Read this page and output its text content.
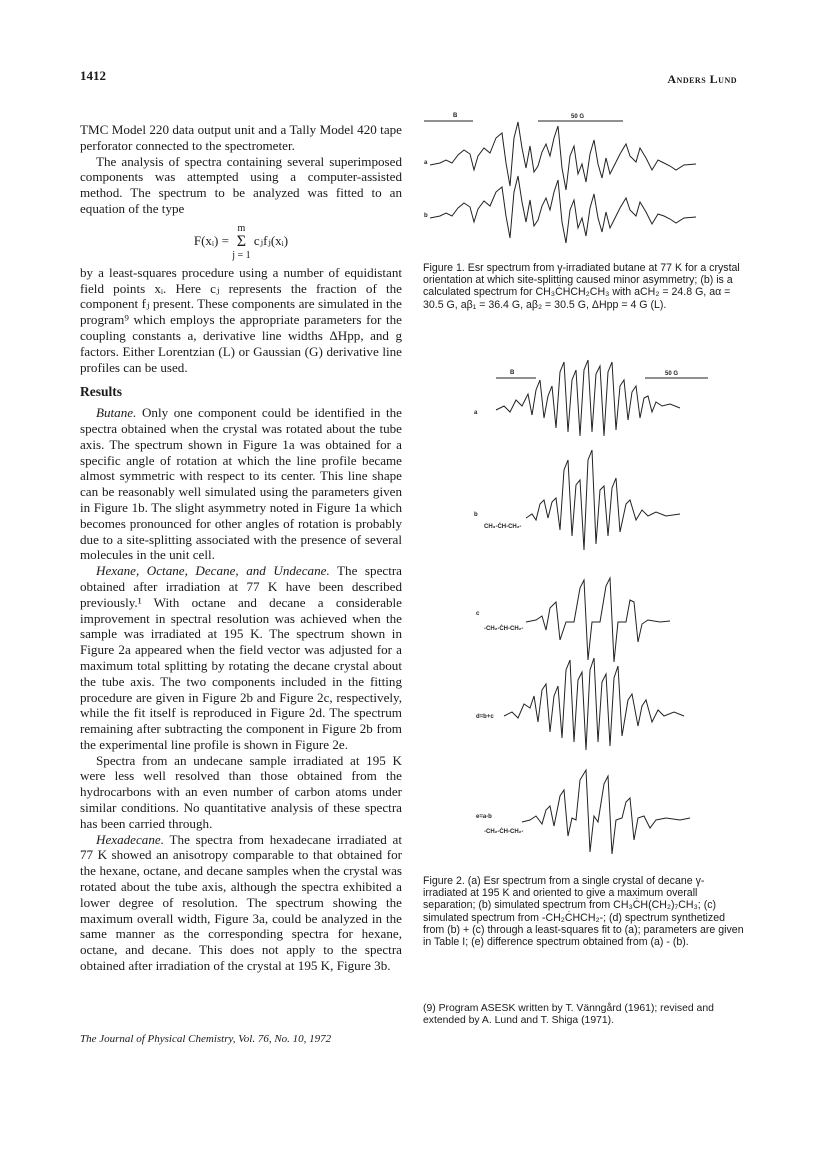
1412	Anders Lund

TMC Model 220 data output unit and a Tally Model 420 tape perforator connected to the spectrometer.

The analysis of spectra containing several superimposed components was attempted using a computer-assisted method. The spectrum to be analyzed was fitted to an equation of the type

F(xᵢ) = m
Σ
j = 1 cⱼfⱼ(xᵢ)

by a least-squares procedure using a number of equidistant field points xᵢ. Here cⱼ represents the fraction of the component fⱼ present. These components are simulated in the program⁹ which employs the appropriate parameters for the coupling constants a, derivative line widths ΔHpp, and g factors. Either Lorentzian (L) or Gaussian (G) derivative line profiles can be used.

Results

Butane. Only one component could be identified in the spectra obtained when the crystal was rotated about the tube axis. The spectrum shown in Figure 1a was obtained for a specific angle of rotation at which the line profile became almost symmetric with respect to its center. This line shape can be reasonably well simulated using the parameters given in Figure 1b. The slight asymmetry noted in Figure 1a which becomes pronounced for other angles of rotation is probably due to a site-splitting associated with the presence of several molecules in the unit cell.

Hexane, Octane, Decane, and Undecane. The spectra obtained after irradiation at 77 K have been described previously.¹ With octane and decane a considerable improvement in spectral resolution was achieved when the sample was irradiated at 195 K. The spectrum shown in Figure 2a appeared when the field vector was adjusted for a maximum total splitting by rotating the decane crystal about the tube axis. The two components included in the fitting procedure are given in Figure 2b and Figure 2c, respectively, while the fit itself is reproduced in Figure 2d. The spectrum remaining after subtracting the component in Figure 2b from the experimental line profile is shown in Figure 2e.

Spectra from an undecane sample irradiated at 195 K were less well resolved than those obtained from the hydrocarbons with an even number of carbon atoms under similar conditions. No quantitative analysis of these spectra has been carried through.

Hexadecane. The spectra from hexadecane irradiated at 77 K showed an anisotropy comparable to that obtained for the hexane, octane, and decane samples when the crystal was rotated about the tube axis, although the spectra exhibited a lower degree of resolution. The spectrum showing the maximum overall width, Figure 3a, could be analyzed in the same manner as the corresponding spectra for hexane, octane, and decane. This does not apply to the spectra obtained after irradiation of the crystal at 195 K, Figure 3b.

B	50 G
a
b
Figure 1. Esr spectrum from γ-irradiated butane at 77 K for a crystal orientation at which site-splitting caused minor asymmetry; (b) is a calculated spectrum for CH₃ĊHCH₂CH₃ with aCH₂ = 24.8 G, aα = 30.5 G, aβ₁ = 36.4 G, aβ₂ = 30.5 G, ΔHpp = 4 G (L).
B	50 G
a
b
CH₃-ĊH-CH₂-
c
-CH₂-ĊH-CH₂-
d=b+c
e=a-b
-CH₂-ĊH-CH₂-
Figure 2. (a) Esr spectrum from a single crystal of decane γ-irradiated at 195 K and oriented to give a maximum overall separation; (b) simulated spectrum from CH₃ĊH(CH₂)₇CH₃; (c) simulated spectrum from -CH₂ĊHCH₂-; (d) spectrum synthetized from (b) + (c) through a least-squares fit to (a); parameters are given in Table I; (e) difference spectrum obtained from (a) - (b).
(9) Program ASESK written by T. Vänngård (1961); revised and extended by A. Lund and T. Shiga (1971).
The Journal of Physical Chemistry, Vol. 76, No. 10, 1972
